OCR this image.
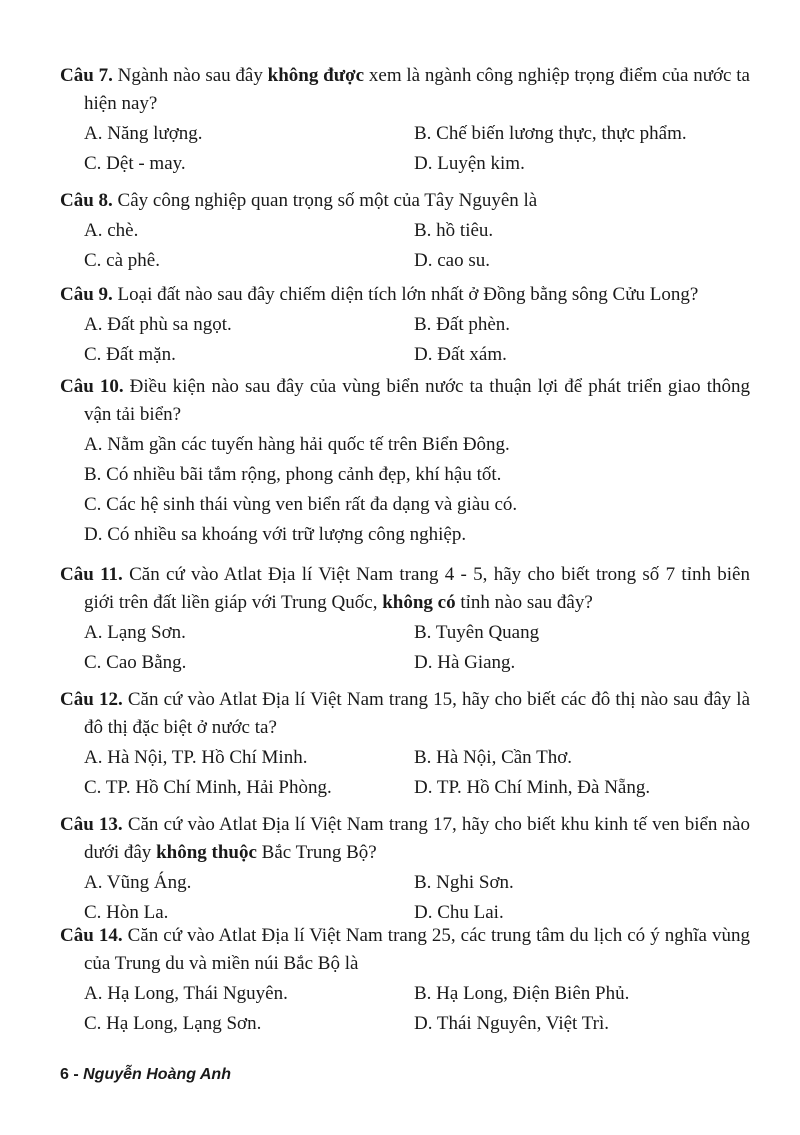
Câu 7. Ngành nào sau đây không được xem là ngành công nghiệp trọng điểm của nước ta hiện nay?

A. Năng lượng.	B. Chế biến lương thực, thực phẩm.
C. Dệt - may.	D. Luyện kim.

Câu 8. Cây công nghiệp quan trọng số một của Tây Nguyên là

A. chè.	B. hồ tiêu.
C. cà phê.	D. cao su.

Câu 9. Loại đất nào sau đây chiếm diện tích lớn nhất ở Đồng bằng sông Cửu Long?

A. Đất phù sa ngọt.	B. Đất phèn.
C. Đất mặn.	D. Đất xám.

Câu 10. Điều kiện nào sau đây của vùng biển nước ta thuận lợi để phát triển giao thông vận tải biển?

A. Nằm gần các tuyến hàng hải quốc tế trên Biển Đông.
B. Có nhiều bãi tắm rộng, phong cảnh đẹp, khí hậu tốt.
C. Các hệ sinh thái vùng ven biển rất đa dạng và giàu có.
D. Có nhiều sa khoáng với trữ lượng công nghiệp.

Câu 11. Căn cứ vào Atlat Địa lí Việt Nam trang 4 - 5, hãy cho biết trong số 7 tỉnh biên giới trên đất liền giáp với Trung Quốc, không có tỉnh nào sau đây?

A. Lạng Sơn.	B. Tuyên Quang
C. Cao Bằng.	D. Hà Giang.

Câu 12. Căn cứ vào Atlat Địa lí Việt Nam trang 15, hãy cho biết các đô thị nào sau đây là đô thị đặc biệt ở nước ta?

A. Hà Nội, TP. Hồ Chí Minh.	B. Hà Nội, Cần Thơ.
C. TP. Hồ Chí Minh, Hải Phòng.	D. TP. Hồ Chí Minh, Đà Nẵng.

Câu 13. Căn cứ vào Atlat Địa lí Việt Nam trang 17, hãy cho biết khu kinh tế ven biển nào dưới đây không thuộc Bắc Trung Bộ?

A. Vũng Áng.	B. Nghi Sơn.
C. Hòn La.	D. Chu Lai.

Câu 14. Căn cứ vào Atlat Địa lí Việt Nam trang 25, các trung tâm du lịch có ý nghĩa vùng của Trung du và miền núi Bắc Bộ là

A. Hạ Long, Thái Nguyên.	B. Hạ Long, Điện Biên Phủ.
C. Hạ Long, Lạng Sơn.	D. Thái Nguyên, Việt Trì.
6 - Nguyễn Hoàng Anh
